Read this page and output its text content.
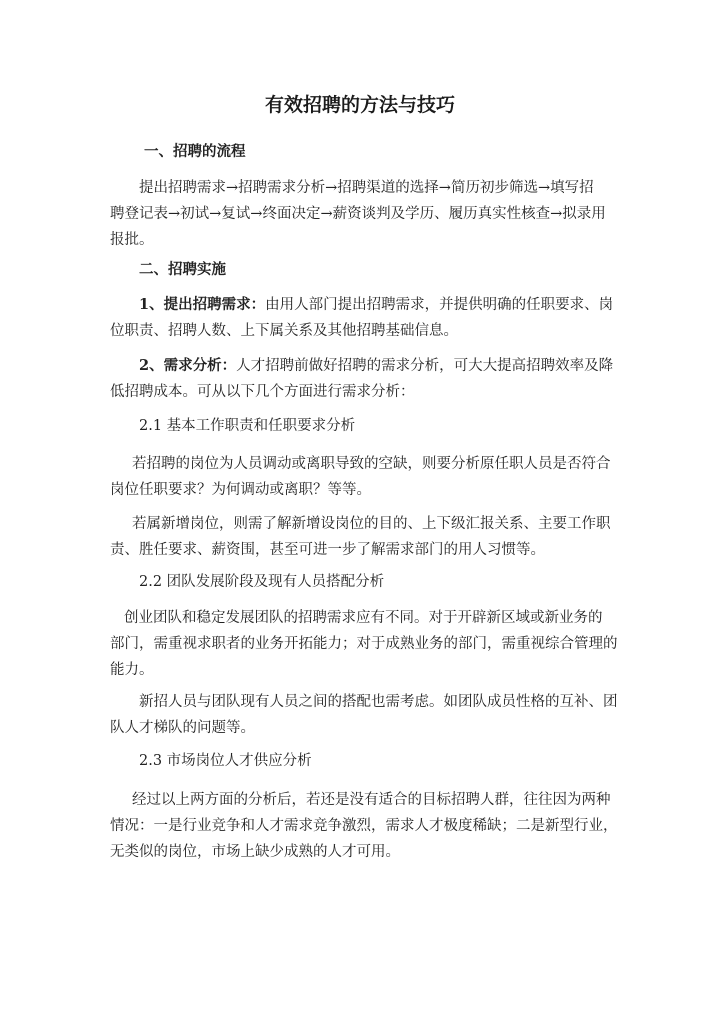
有效招聘的方法与技巧
一、招聘的流程
提出招聘需求→招聘需求分析→招聘渠道的选择→简历初步筛选→填写招
聘登记表→初试→复试→终面决定→薪资谈判及学历、履历真实性核查→拟录用
报批。
二、招聘实施
1、提出招聘需求：由用人部门提出招聘需求，并提供明确的任职要求、岗
位职责、招聘人数、上下属关系及其他招聘基础信息。
2、需求分析：人才招聘前做好招聘的需求分析，可大大提高招聘效率及降
低招聘成本。可从以下几个方面进行需求分析：
2.1 基本工作职责和任职要求分析
若招聘的岗位为人员调动或离职导致的空缺，则要分析原任职人员是否符合
岗位任职要求？为何调动或离职？等等。
若属新增岗位，则需了解新增设岗位的目的、上下级汇报关系、主要工作职
责、胜任要求、薪资围，甚至可进一步了解需求部门的用人习惯等。
2.2 团队发展阶段及现有人员搭配分析
创业团队和稳定发展团队的招聘需求应有不同。对于开辟新区域或新业务的
部门，需重视求职者的业务开拓能力；对于成熟业务的部门，需重视综合管理的
能力。
新招人员与团队现有人员之间的搭配也需考虑。如团队成员性格的互补、团
队人才梯队的问题等。
2.3 市场岗位人才供应分析
经过以上两方面的分析后，若还是没有适合的目标招聘人群，往往因为两种
情况：一是行业竞争和人才需求竞争激烈，需求人才极度稀缺；二是新型行业，
无类似的岗位，市场上缺少成熟的人才可用。
